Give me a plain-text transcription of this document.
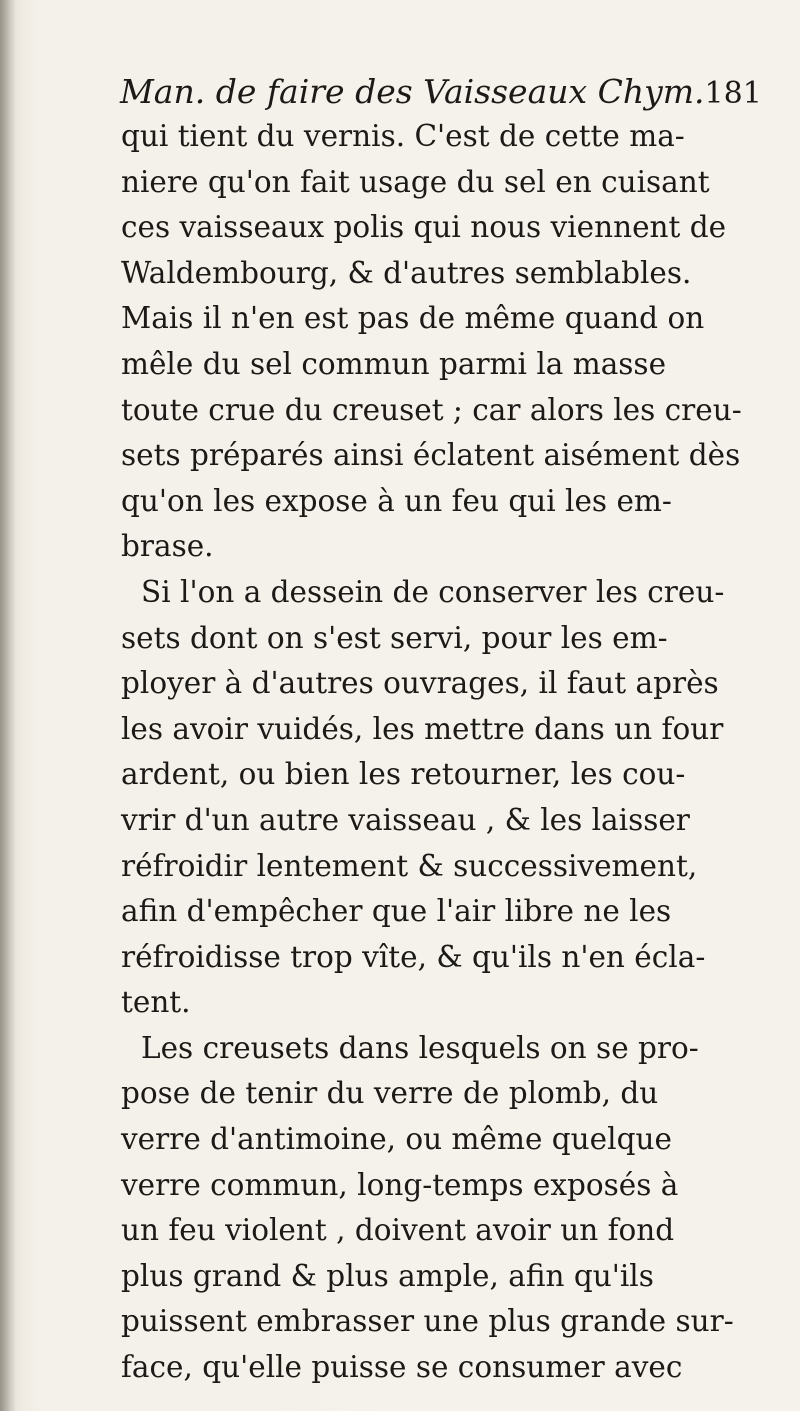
Man. de faire des Vaisseaux Chym. 181
qui tient du vernis. C'est de cette ma-
niere qu'on fait usage du sel en cuisant
ces vaisseaux polis qui nous viennent de
Waldembourg, & d'autres semblables.
Mais il n'en est pas de même quand on
mêle du sel commun parmi la masse
toute crue du creuset ; car alors les creu-
sets préparés ainsi éclatent aisément dès
qu'on les expose à un feu qui les em-
brase.
Si l'on a dessein de conserver les creu-
sets dont on s'est servi, pour les em-
ployer à d'autres ouvrages, il faut après
les avoir vuidés, les mettre dans un four
ardent, ou bien les retourner, les cou-
vrir d'un autre vaisseau , & les laisser
réfroidir lentement & successivement,
afin d'empêcher que l'air libre ne les
réfroidisse trop vîte, & qu'ils n'en écla-
tent.
Les creusets dans lesquels on se pro-
pose de tenir du verre de plomb, du
verre d'antimoine, ou même quelque
verre commun, long-temps exposés à
un feu violent , doivent avoir un fond
plus grand & plus ample, afin qu'ils
puissent embrasser une plus grande sur-
face, qu'elle puisse se consumer avec
